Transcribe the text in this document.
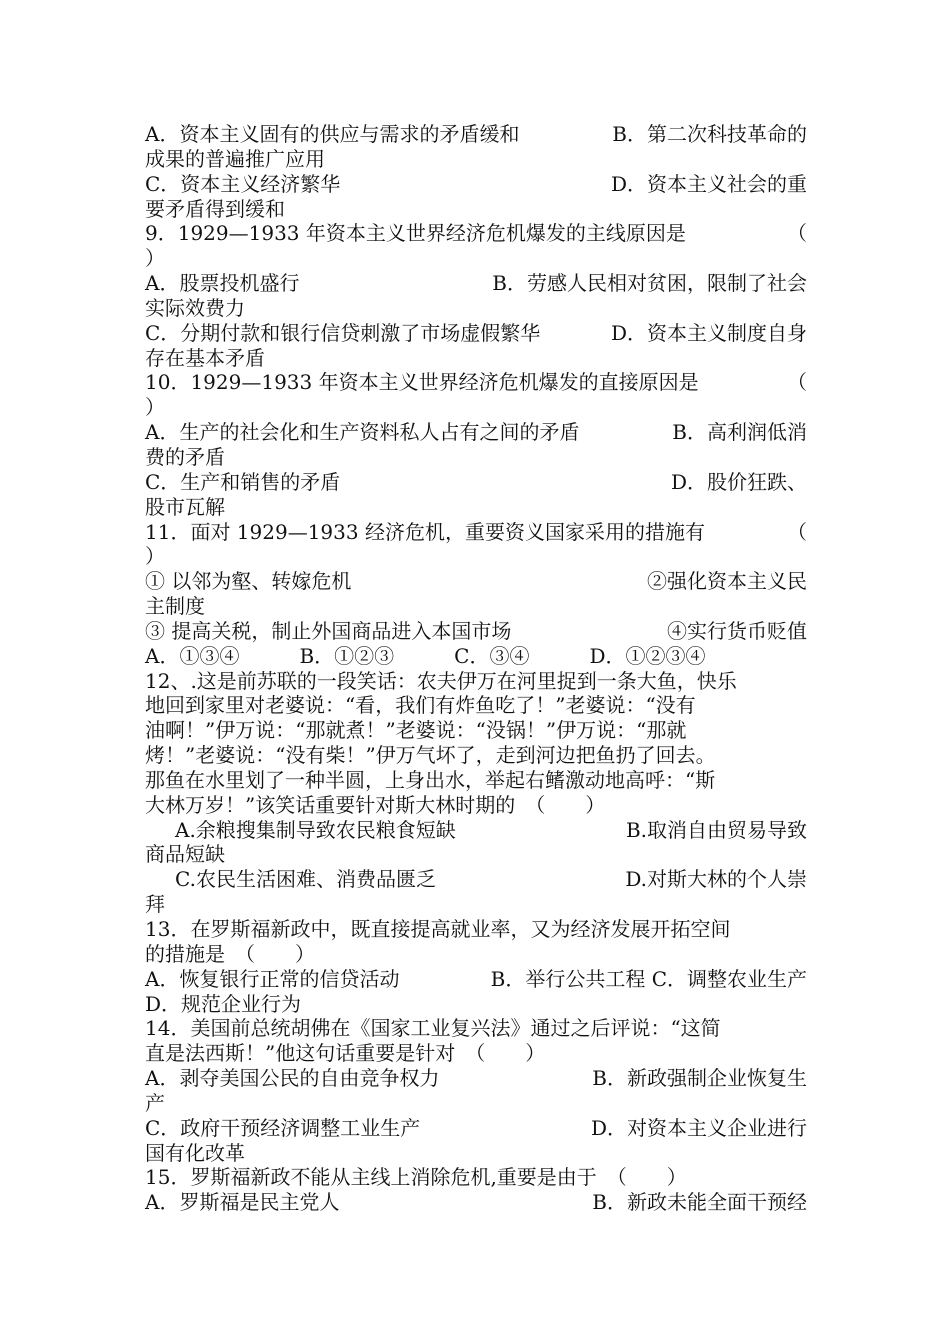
A．资本主义固有的供应与需求的矛盾缓和	B．第二次科技革命的
成果的普遍推广应用
C．资本主义经济繁华	D．资本主义社会的重
要矛盾得到缓和
9．1929—1933 年资本主义世界经济危机爆发的主线原因是	（
）
A．股票投机盛行	B．劳感人民相对贫困，限制了社会
实际效费力
C．分期付款和银行信贷刺激了市场虚假繁华	D．资本主义制度自身
存在基本矛盾
10．1929—1933 年资本主义世界经济危机爆发的直接原因是	（
）
A．生产的社会化和生产资料私人占有之间的矛盾	B．高利润低消
费的矛盾
C．生产和销售的矛盾	D．股价狂跌、
股市瓦解
11．面对 1929—1933 经济危机，重要资义国家采用的措施有	（
）
① 以邻为壑、转嫁危机	②强化资本主义民
主制度
③ 提高关税，制止外国商品进入本国市场	④实行货币贬值
A．①③④　　　B．①②③　　　C．③④　　　D．①②③④
12、.这是前苏联的一段笑话：农夫伊万在河里捉到一条大鱼，快乐
地回到家里对老婆说：“看，我们有炸鱼吃了！”老婆说：“没有
油啊！”伊万说：“那就煮！”老婆说：“没锅！”伊万说：“那就
烤！”老婆说：“没有柴！”伊万气坏了，走到河边把鱼扔了回去。
那鱼在水里划了一种半圆，上身出水，举起右鳍激动地高呼：“斯
大林万岁！”该笑话重要针对斯大林时期的　（　　）
A.余粮搜集制导致农民粮食短缺	B.取消自由贸易导致
商品短缺
C.农民生活困难、消费品匮乏	D.对斯大林的个人崇
拜
13．在罗斯福新政中，既直接提高就业率，又为经济发展开拓空间
的措施是　（　　）
A．恢复银行正常的信贷活动	B．举行公共工程 C．调整农业生产
D．规范企业行为
14．美国前总统胡佛在《国家工业复兴法》通过之后评说：“这简
直是法西斯！”他这句话重要是针对　（　　）
A．剥夺美国公民的自由竞争权力	B．新政强制企业恢复生
产
C．政府干预经济调整工业生产	D．对资本主义企业进行
国有化改革
15．罗斯福新政不能从主线上消除危机,重要是由于　（　　）
A．罗斯福是民主党人	B．新政未能全面干预经
